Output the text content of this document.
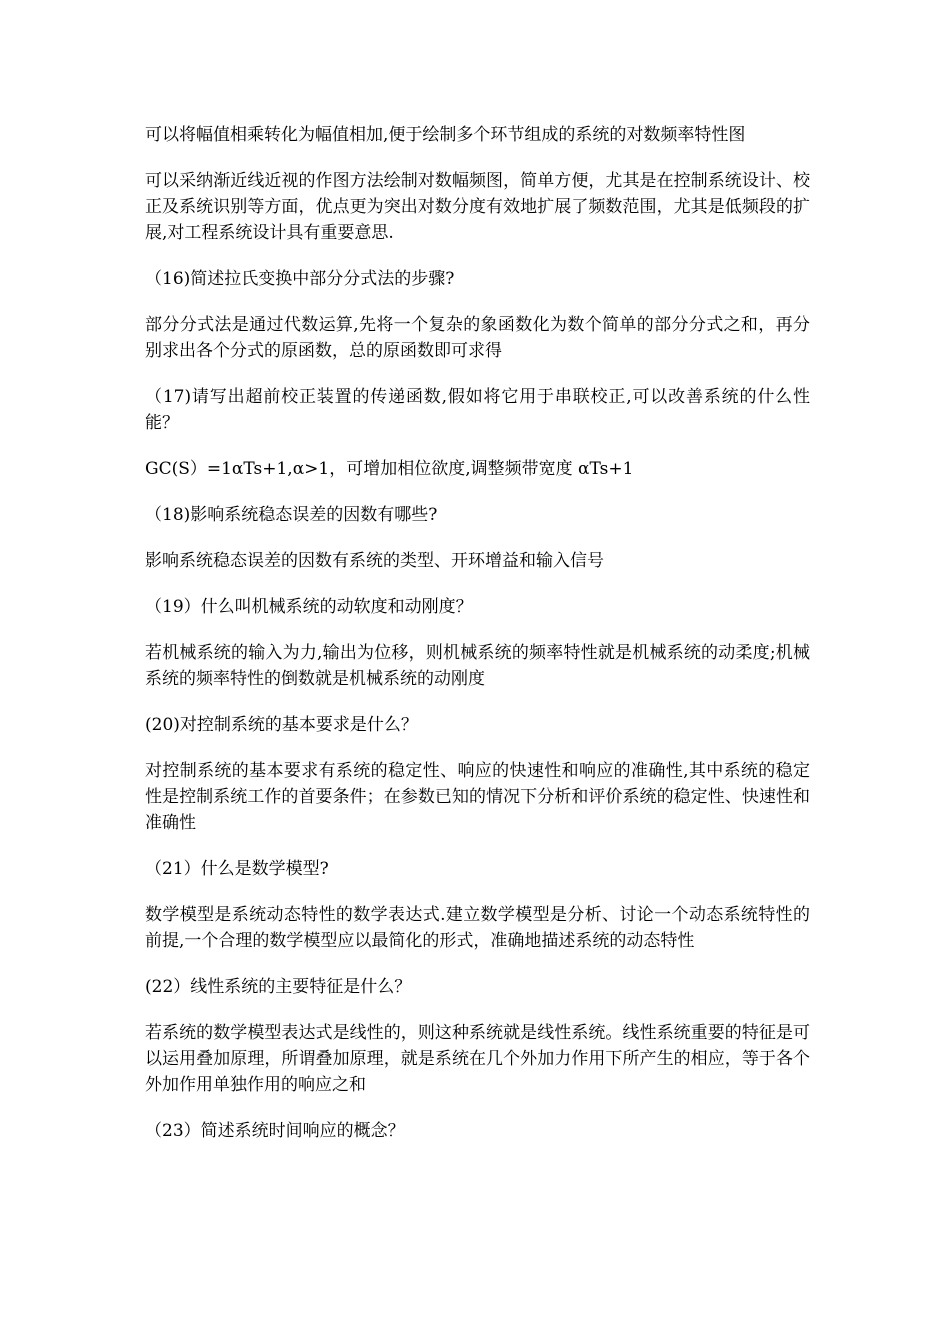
可以将幅值相乘转化为幅值相加,便于绘制多个环节组成的系统的对数频率特性图

可以采纳渐近线近视的作图方法绘制对数幅频图，简单方便，尤其是在控制系统设计、校正及系统识别等方面，优点更为突出对数分度有效地扩展了频数范围，尤其是低频段的扩展,对工程系统设计具有重要意思.

（16)简述拉氏变换中部分分式法的步骤?

部分分式法是通过代数运算,先将一个复杂的象函数化为数个简单的部分分式之和，再分别求出各个分式的原函数，总的原函数即可求得

（17)请写出超前校正装置的传递函数,假如将它用于串联校正,可以改善系统的什么性能？

GC(S）=1αTs+1,α>1，可增加相位欲度,调整频带宽度 αTs+1

（18)影响系统稳态误差的因数有哪些?

影响系统稳态误差的因数有系统的类型、开环增益和输入信号

（19）什么叫机械系统的动软度和动刚度？

若机械系统的输入为力,输出为位移，则机械系统的频率特性就是机械系统的动柔度;机械系统的频率特性的倒数就是机械系统的动刚度

(20)对控制系统的基本要求是什么？

对控制系统的基本要求有系统的稳定性、响应的快速性和响应的准确性,其中系统的稳定性是控制系统工作的首要条件；在参数已知的情况下分析和评价系统的稳定性、快速性和准确性

（21）什么是数学模型?

数学模型是系统动态特性的数学表达式.建立数学模型是分析、讨论一个动态系统特性的前提,一个合理的数学模型应以最简化的形式，准确地描述系统的动态特性

(22）线性系统的主要特征是什么？

若系统的数学模型表达式是线性的，则这种系统就是线性系统。线性系统重要的特征是可以运用叠加原理，所谓叠加原理，就是系统在几个外加力作用下所产生的相应，等于各个外加作用单独作用的响应之和

（23）简述系统时间响应的概念？
